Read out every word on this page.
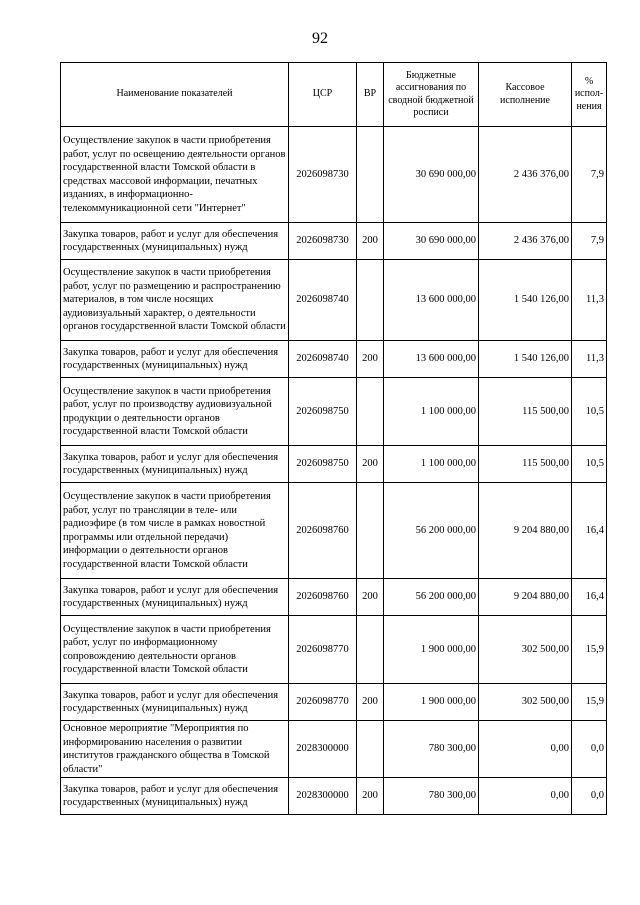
92
Наименование показателей	ЦСР	ВР	Бюджетные ассигнования по сводной бюджетной росписи	Кассовое исполнение	% испол-нения
Осуществление закупок в части приобретения работ, услуг по освещению деятельности органов государственной власти Томской области в средствах массовой информации, печатных изданиях, в информационно-телекоммуникационной сети "Интернет"	2026098730		30 690 000,00	2 436 376,00	7,9
Закупка товаров, работ и услуг для обеспечения государственных (муниципальных) нужд	2026098730	200	30 690 000,00	2 436 376,00	7,9
Осуществление закупок в части приобретения работ, услуг по размещению и распространению материалов, в том числе носящих аудиовизуальный характер, о деятельности органов государственной власти Томской области	2026098740		13 600 000,00	1 540 126,00	11,3
Закупка товаров, работ и услуг для обеспечения государственных (муниципальных) нужд	2026098740	200	13 600 000,00	1 540 126,00	11,3
Осуществление закупок в части приобретения работ, услуг по производству аудиовизуальной продукции о деятельности органов государственной власти Томской области	2026098750		1 100 000,00	115 500,00	10,5
Закупка товаров, работ и услуг для обеспечения государственных (муниципальных) нужд	2026098750	200	1 100 000,00	115 500,00	10,5
Осуществление закупок в части приобретения работ, услуг по трансляции в теле- или радиоэфире (в том числе в рамках новостной программы или отдельной передачи) информации о деятельности органов государственной власти Томской области	2026098760		56 200 000,00	9 204 880,00	16,4
Закупка товаров, работ и услуг для обеспечения государственных (муниципальных) нужд	2026098760	200	56 200 000,00	9 204 880,00	16,4
Осуществление закупок в части приобретения работ, услуг по информационному сопровождению деятельности органов государственной власти Томской области	2026098770		1 900 000,00	302 500,00	15,9
Закупка товаров, работ и услуг для обеспечения государственных (муниципальных) нужд	2026098770	200	1 900 000,00	302 500,00	15,9
Основное мероприятие "Мероприятия по информированию населения о развитии институтов гражданского общества в Томской области"	2028300000		780 300,00	0,00	0,0
Закупка товаров, работ и услуг для обеспечения государственных (муниципальных) нужд	2028300000	200	780 300,00	0,00	0,0
